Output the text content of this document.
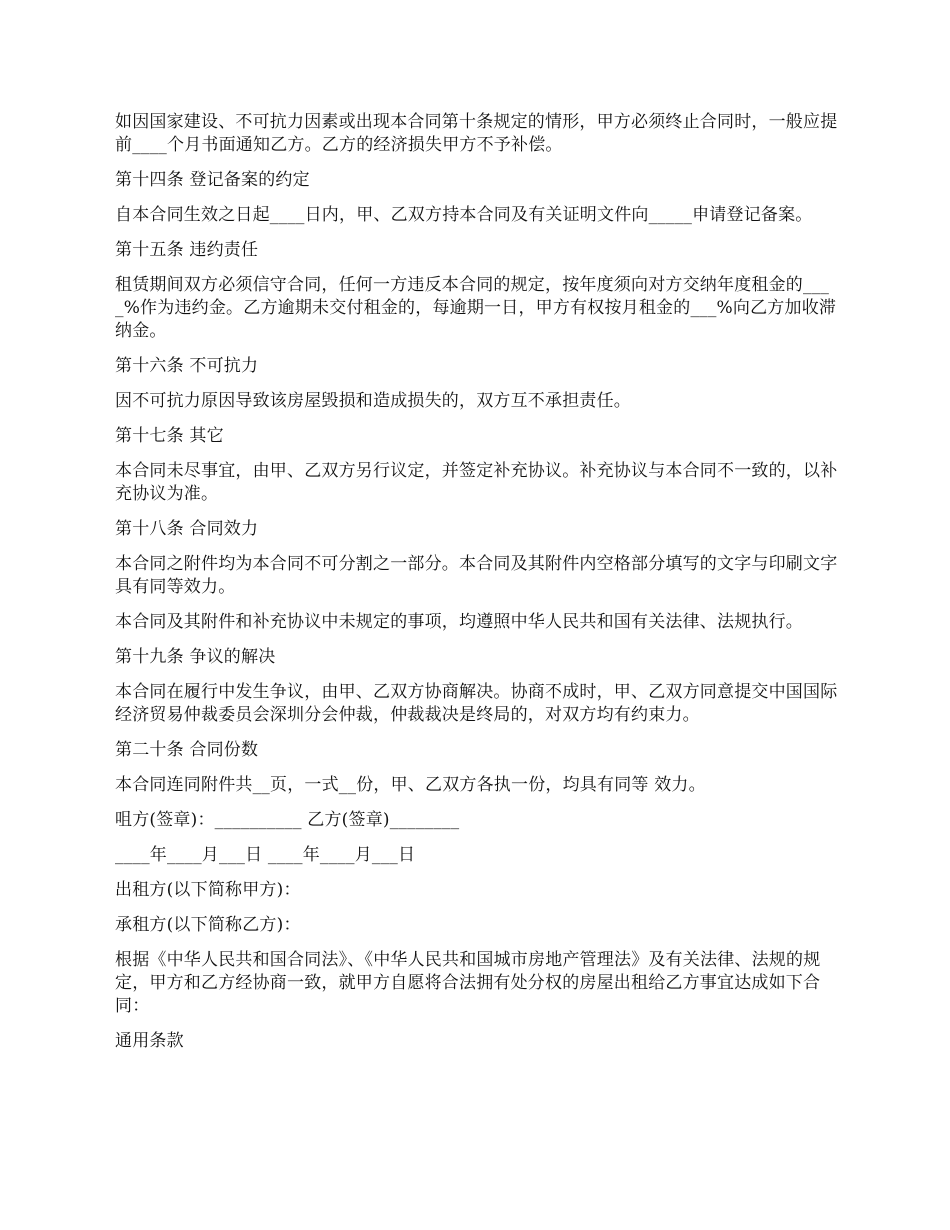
如因国家建设、不可抗力因素或出现本合同第十条规定的情形，甲方必须终止合同时，一般应提前____个月书面通知乙方。乙方的经济损失甲方不予补偿。
第十四条 登记备案的约定
自本合同生效之日起____日内，甲、乙双方持本合同及有关证明文件向_____申请登记备案。
第十五条 违约责任
租赁期间双方必须信守合同，任何一方违反本合同的规定，按年度须向对方交纳年度租金的____%作为违约金。乙方逾期未交付租金的，每逾期一日，甲方有权按月租金的___%向乙方加收滞纳金。
第十六条 不可抗力
因不可抗力原因导致该房屋毁损和造成损失的，双方互不承担责任。
第十七条 其它
本合同未尽事宜，由甲、乙双方另行议定，并签定补充协议。补充协议与本合同不一致的，以补充协议为准。
第十八条 合同效力
本合同之附件均为本合同不可分割之一部分。本合同及其附件内空格部分填写的文字与印刷文字具有同等效力。
本合同及其附件和补充协议中未规定的事项，均遵照中华人民共和国有关法律、法规执行。
第十九条 争议的解决
本合同在履行中发生争议，由甲、乙双方协商解决。协商不成时，甲、乙双方同意提交中国国际经济贸易仲裁委员会深圳分会仲裁，仲裁裁决是终局的，对双方均有约束力。
第二十条 合同份数
本合同连同附件共__页，一式__份，甲、乙双方各执一份，均具有同等 效力。
咀方(签章)：__________ 乙方(签章)________
____年____月___日 ____年____月___日
出租方(以下简称甲方)：
承租方(以下简称乙方)：
根据《中华人民共和国合同法》、《中华人民共和国城市房地产管理法》及有关法律、法规的规定，甲方和乙方经协商一致，就甲方自愿将合法拥有处分权的房屋出租给乙方事宜达成如下合同：
通用条款
